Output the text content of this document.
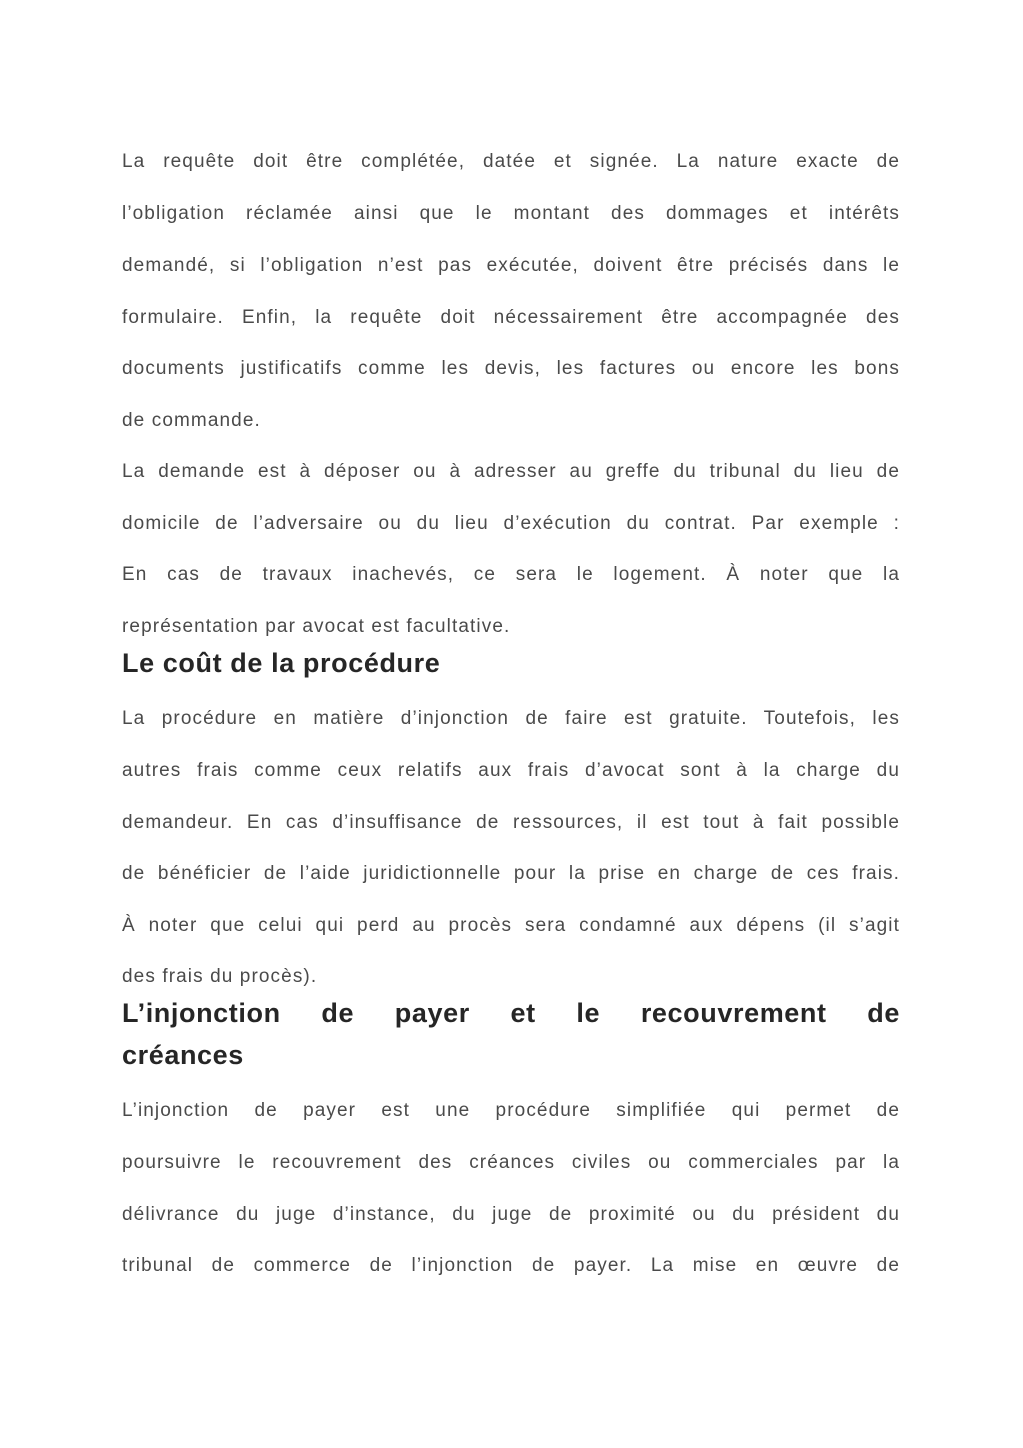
La requête doit être complétée, datée et signée. La nature exacte de
l’obligation réclamée ainsi que le montant des dommages et intérêts
demandé, si l’obligation n’est pas exécutée, doivent être précisés dans le
formulaire. Enfin, la requête doit nécessairement être accompagnée des
documents justificatifs comme les devis, les factures ou encore les bons
de commande.
La demande est à déposer ou à adresser au greffe du tribunal du lieu de
domicile de l’adversaire ou du lieu d’exécution du contrat. Par exemple :
En cas de travaux inachevés, ce sera le logement. À noter que la
représentation par avocat est facultative.
Le coût de la procédure
La procédure en matière d’injonction de faire est gratuite. Toutefois, les
autres frais comme ceux relatifs aux frais d’avocat sont à la charge du
demandeur. En cas d’insuffisance de ressources, il est tout à fait possible
de bénéficier de l’aide juridictionnelle pour la prise en charge de ces frais.
À noter que celui qui perd au procès sera condamné aux dépens (il s’agit
des frais du procès).
L’injonction de payer et le recouvrement de
créances
L’injonction de payer est une procédure simplifiée qui permet de
poursuivre le recouvrement des créances civiles ou commerciales par la
délivrance du juge d’instance, du juge de proximité ou du président du
tribunal de commerce de l’injonction de payer. La mise en œuvre de
